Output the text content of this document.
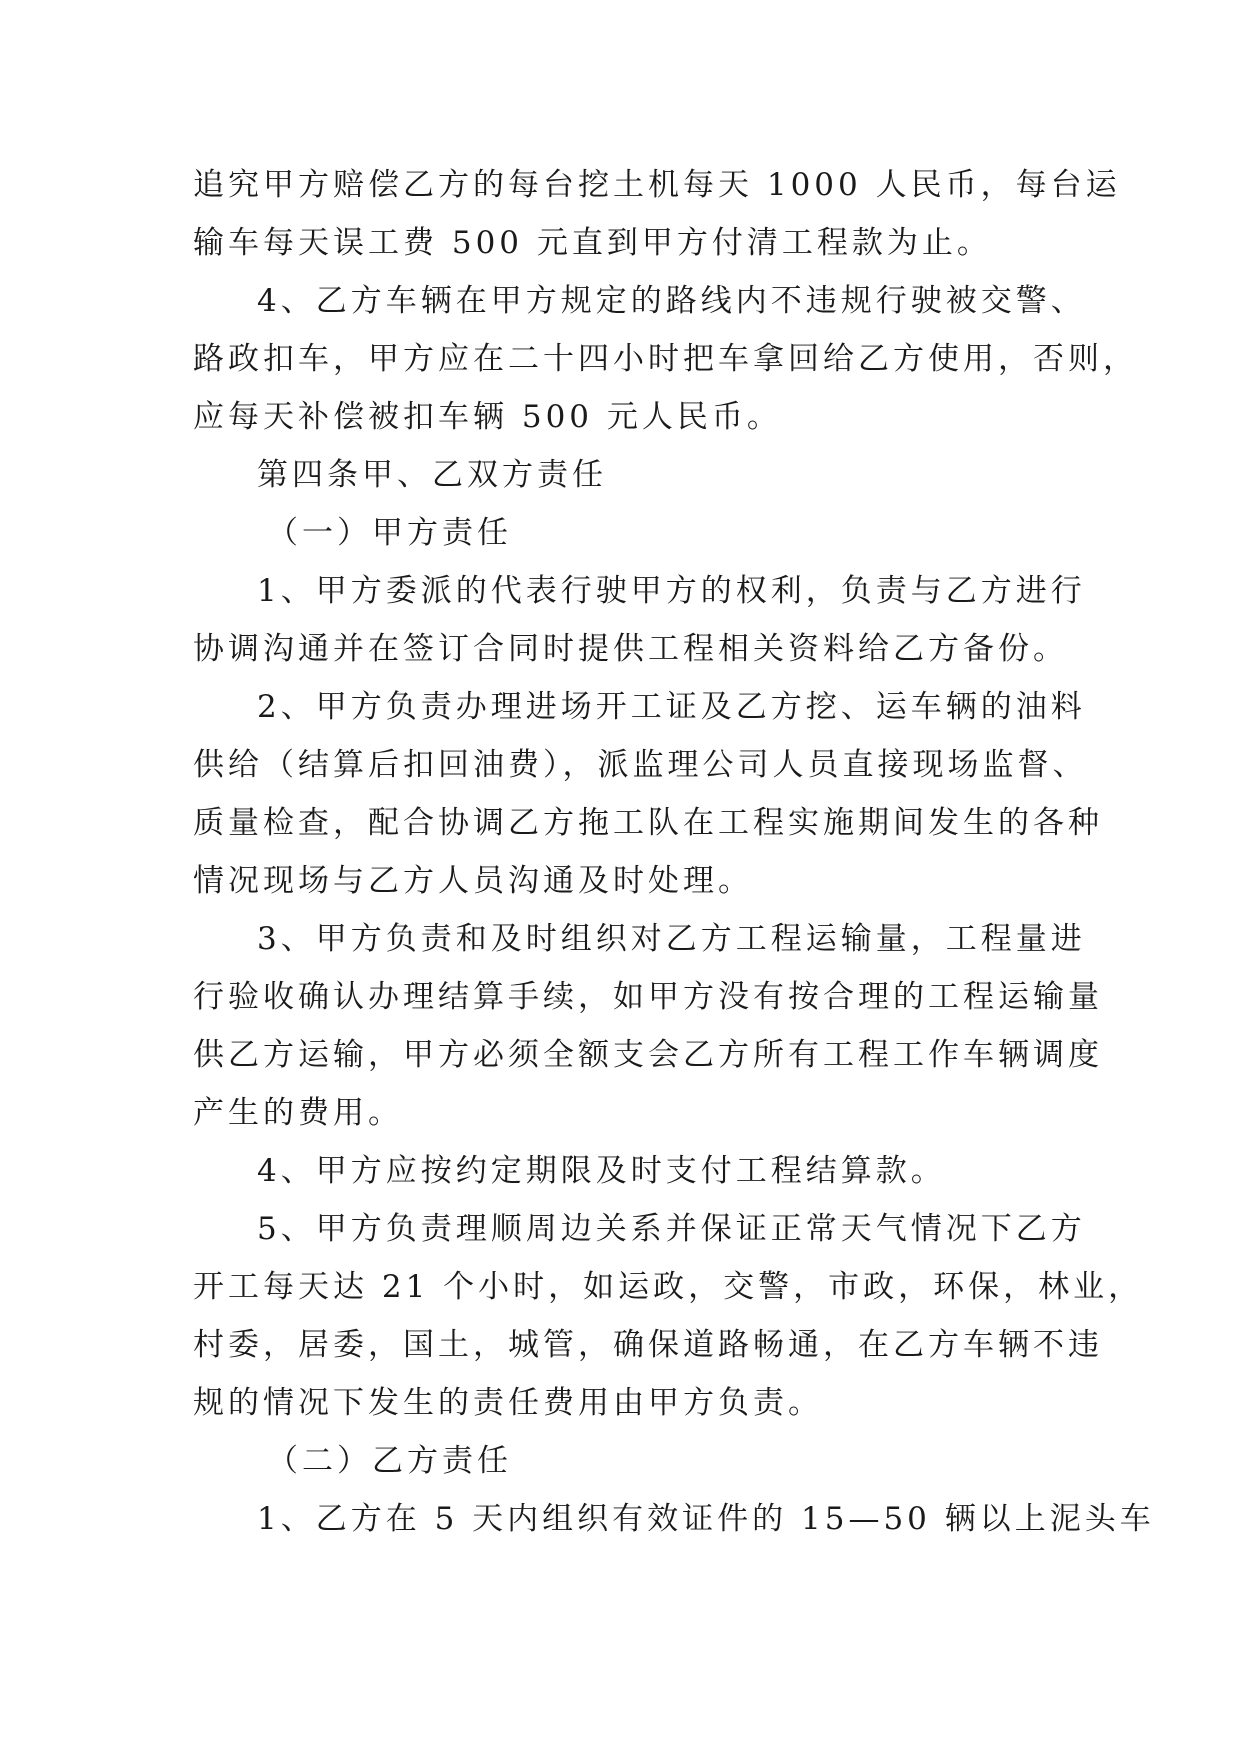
追究甲方赔偿乙方的每台挖土机每天 1000 人民币，每台运
输车每天误工费 500 元直到甲方付清工程款为止。
4、乙方车辆在甲方规定的路线内不违规行驶被交警、
路政扣车，甲方应在二十四小时把车拿回给乙方使用，否则，
应每天补偿被扣车辆 500 元人民币。
第四条甲、乙双方责任
（一）甲方责任
1、甲方委派的代表行驶甲方的权利，负责与乙方进行
协调沟通并在签订合同时提供工程相关资料给乙方备份。
2、甲方负责办理进场开工证及乙方挖、运车辆的油料
供给（结算后扣回油费），派监理公司人员直接现场监督、
质量检查，配合协调乙方拖工队在工程实施期间发生的各种
情况现场与乙方人员沟通及时处理。
3、甲方负责和及时组织对乙方工程运输量，工程量进
行验收确认办理结算手续，如甲方没有按合理的工程运输量
供乙方运输，甲方必须全额支会乙方所有工程工作车辆调度
产生的费用。
4、甲方应按约定期限及时支付工程结算款。
5、甲方负责理顺周边关系并保证正常天气情况下乙方
开工每天达 21 个小时，如运政，交警，市政，环保，林业，
村委，居委，国土，城管，确保道路畅通，在乙方车辆不违
规的情况下发生的责任费用由甲方负责。
（二）乙方责任
1、乙方在 5 天内组织有效证件的 15—50 辆以上泥头车
